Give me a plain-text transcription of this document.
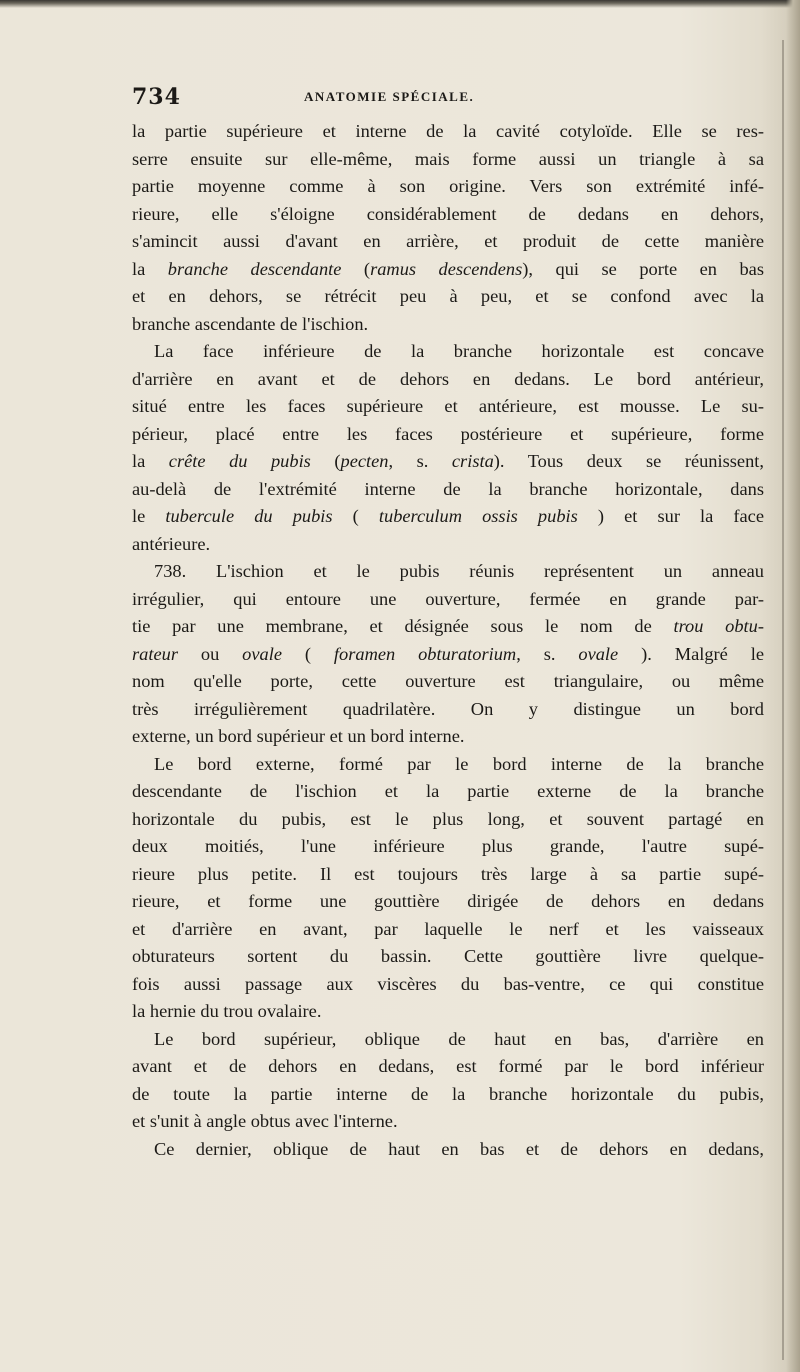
734	ANATOMIE SPÉCIALE.
la partie supérieure et interne de la cavité cotyloïde. Elle se res-
serre ensuite sur elle-même, mais forme aussi un triangle à sa
partie moyenne comme à son origine. Vers son extrémité infé-
rieure, elle s'éloigne considérablement de dedans en dehors,
s'amincit aussi d'avant en arrière, et produit de cette manière
la branche descendante (ramus descendens), qui se porte en bas
et en dehors, se rétrécit peu à peu, et se confond avec la
branche ascendante de l'ischion.
La face inférieure de la branche horizontale est concave
d'arrière en avant et de dehors en dedans. Le bord antérieur,
situé entre les faces supérieure et antérieure, est mousse. Le su-
périeur, placé entre les faces postérieure et supérieure, forme
la crête du pubis (pecten, s. crista). Tous deux se réunissent,
au-delà de l'extrémité interne de la branche horizontale, dans
le tubercule du pubis ( tuberculum ossis pubis ) et sur la face
antérieure.
738. L'ischion et le pubis réunis représentent un anneau
irrégulier, qui entoure une ouverture, fermée en grande par-
tie par une membrane, et désignée sous le nom de trou obtu-
rateur ou ovale ( foramen obturatorium, s. ovale ). Malgré le
nom qu'elle porte, cette ouverture est triangulaire, ou même
très irrégulièrement quadrilatère. On y distingue un bord
externe, un bord supérieur et un bord interne.
Le bord externe, formé par le bord interne de la branche
descendante de l'ischion et la partie externe de la branche
horizontale du pubis, est le plus long, et souvent partagé en
deux moitiés, l'une inférieure plus grande, l'autre supé-
rieure plus petite. Il est toujours très large à sa partie supé-
rieure, et forme une gouttière dirigée de dehors en dedans
et d'arrière en avant, par laquelle le nerf et les vaisseaux
obturateurs sortent du bassin. Cette gouttière livre quelque-
fois aussi passage aux viscères du bas-ventre, ce qui constitue
la hernie du trou ovalaire.
Le bord supérieur, oblique de haut en bas, d'arrière en
avant et de dehors en dedans, est formé par le bord inférieur
de toute la partie interne de la branche horizontale du pubis,
et s'unit à angle obtus avec l'interne.
Ce dernier, oblique de haut en bas et de dehors en dedans,
